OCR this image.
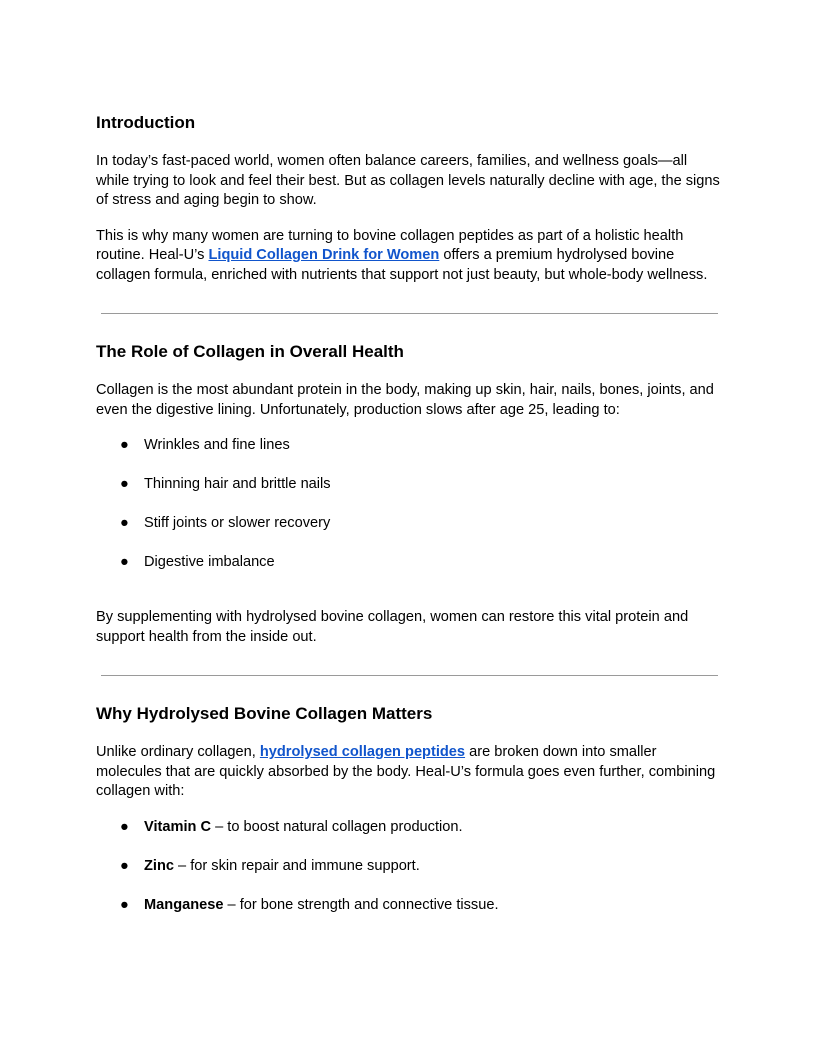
Introduction

In today’s fast-paced world, women often balance careers, families, and wellness goals—all while trying to look and feel their best. But as collagen levels naturally decline with age, the signs of stress and aging begin to show.

This is why many women are turning to bovine collagen peptides as part of a holistic health routine. Heal-U’s Liquid Collagen Drink for Women offers a premium hydrolysed bovine collagen formula, enriched with nutrients that support not just beauty, but whole-body wellness.

The Role of Collagen in Overall Health

Collagen is the most abundant protein in the body, making up skin, hair, nails, bones, joints, and even the digestive lining. Unfortunately, production slows after age 25, leading to:

● Wrinkles and fine lines
● Thinning hair and brittle nails
● Stiff joints or slower recovery
● Digestive imbalance

By supplementing with hydrolysed bovine collagen, women can restore this vital protein and support health from the inside out.

Why Hydrolysed Bovine Collagen Matters

Unlike ordinary collagen, hydrolysed collagen peptides are broken down into smaller molecules that are quickly absorbed by the body. Heal-U’s formula goes even further, combining collagen with:

● Vitamin C – to boost natural collagen production.
● Zinc – for skin repair and immune support.
● Manganese – for bone strength and connective tissue.
